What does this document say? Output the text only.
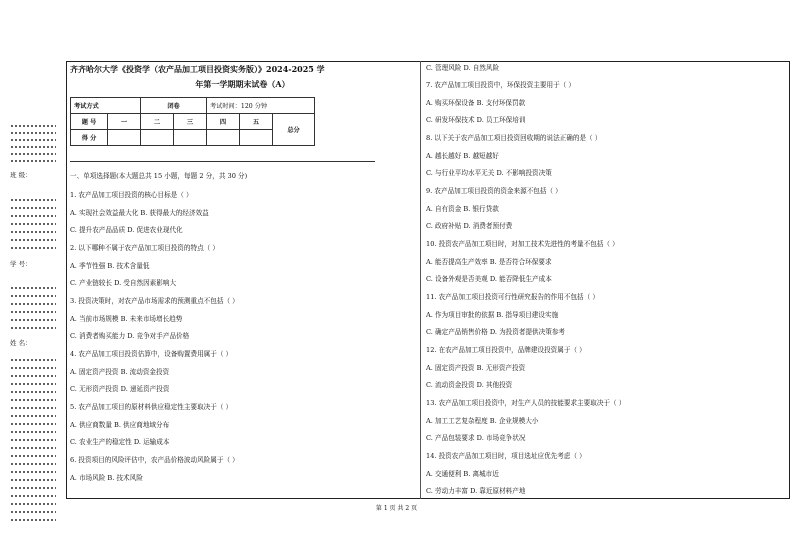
班 级：
学 号：
姓 名：
齐齐哈尔大学《投资学（农产品加工项目投资实务版）》2024-2025 学
年第一学期期末试卷（A）
考试方式		闭卷		考试时间：120 分钟		
题 号	一	二	三	四	五	总分
得 分						
一、单项选择题(本大题总共 15 小题，每题 2 分，共 30 分)
1. 农产品加工项目投资的核心目标是（ ）
A. 实现社会效益最大化 B. 获得最大的经济效益
C. 提升农产品品质 D. 促进农业现代化
2. 以下哪种不属于农产品加工项目投资的特点（ ）
A. 季节性强 B. 技术含量低
C. 产业链较长 D. 受自然因素影响大
3. 投资决策时，对农产品市场需求的预测重点不包括（ ）
A. 当前市场规模 B. 未来市场增长趋势
C. 消费者购买能力 D. 竞争对手产品价格
4. 农产品加工项目投资估算中，设备购置费用属于（ ）
A. 固定资产投资 B. 流动资金投资
C. 无形资产投资 D. 递延资产投资
5. 农产品加工项目的原材料供应稳定性主要取决于（ ）
A. 供应商数量 B. 供应商地域分布
C. 农业生产的稳定性 D. 运输成本
6. 投资项目的风险评估中，农产品价格波动风险属于（ ）
A. 市场风险 B. 技术风险
C. 管理风险 D. 自然风险
7. 农产品加工项目投资中，环保投资主要用于（ ）
A. 购买环保设备 B. 支付环保罚款
C. 研发环保技术 D. 员工环保培训
8. 以下关于农产品加工项目投资回收期的说法正确的是（ ）
A. 越长越好 B. 越短越好
C. 与行业平均水平无关 D. 不影响投资决策
9. 农产品加工项目投资的资金来源不包括（ ）
A. 自有资金 B. 银行贷款
C. 政府补贴 D. 消费者预付费
10. 投资农产品加工项目时，对加工技术先进性的考量不包括（ ）
A. 能否提高生产效率 B. 是否符合环保要求
C. 设备外观是否美观 D. 能否降低生产成本
11. 农产品加工项目投资可行性研究报告的作用不包括（ ）
A. 作为项目审批的依据 B. 指导项目建设实施
C. 确定产品销售价格 D. 为投资者提供决策参考
12. 在农产品加工项目投资中，品牌建设投资属于（ ）
A. 固定资产投资 B. 无形资产投资
C. 流动资金投资 D. 其他投资
13. 农产品加工项目投资中，对生产人员的技能要求主要取决于（ ）
A. 加工工艺复杂程度 B. 企业规模大小
C. 产品包装要求 D. 市场竞争状况
14. 投资农产品加工项目时，项目选址应优先考虑（ ）
A. 交通便利 B. 离城市近
C. 劳动力丰富 D. 靠近原材料产地
第 1 页 共 2 页
